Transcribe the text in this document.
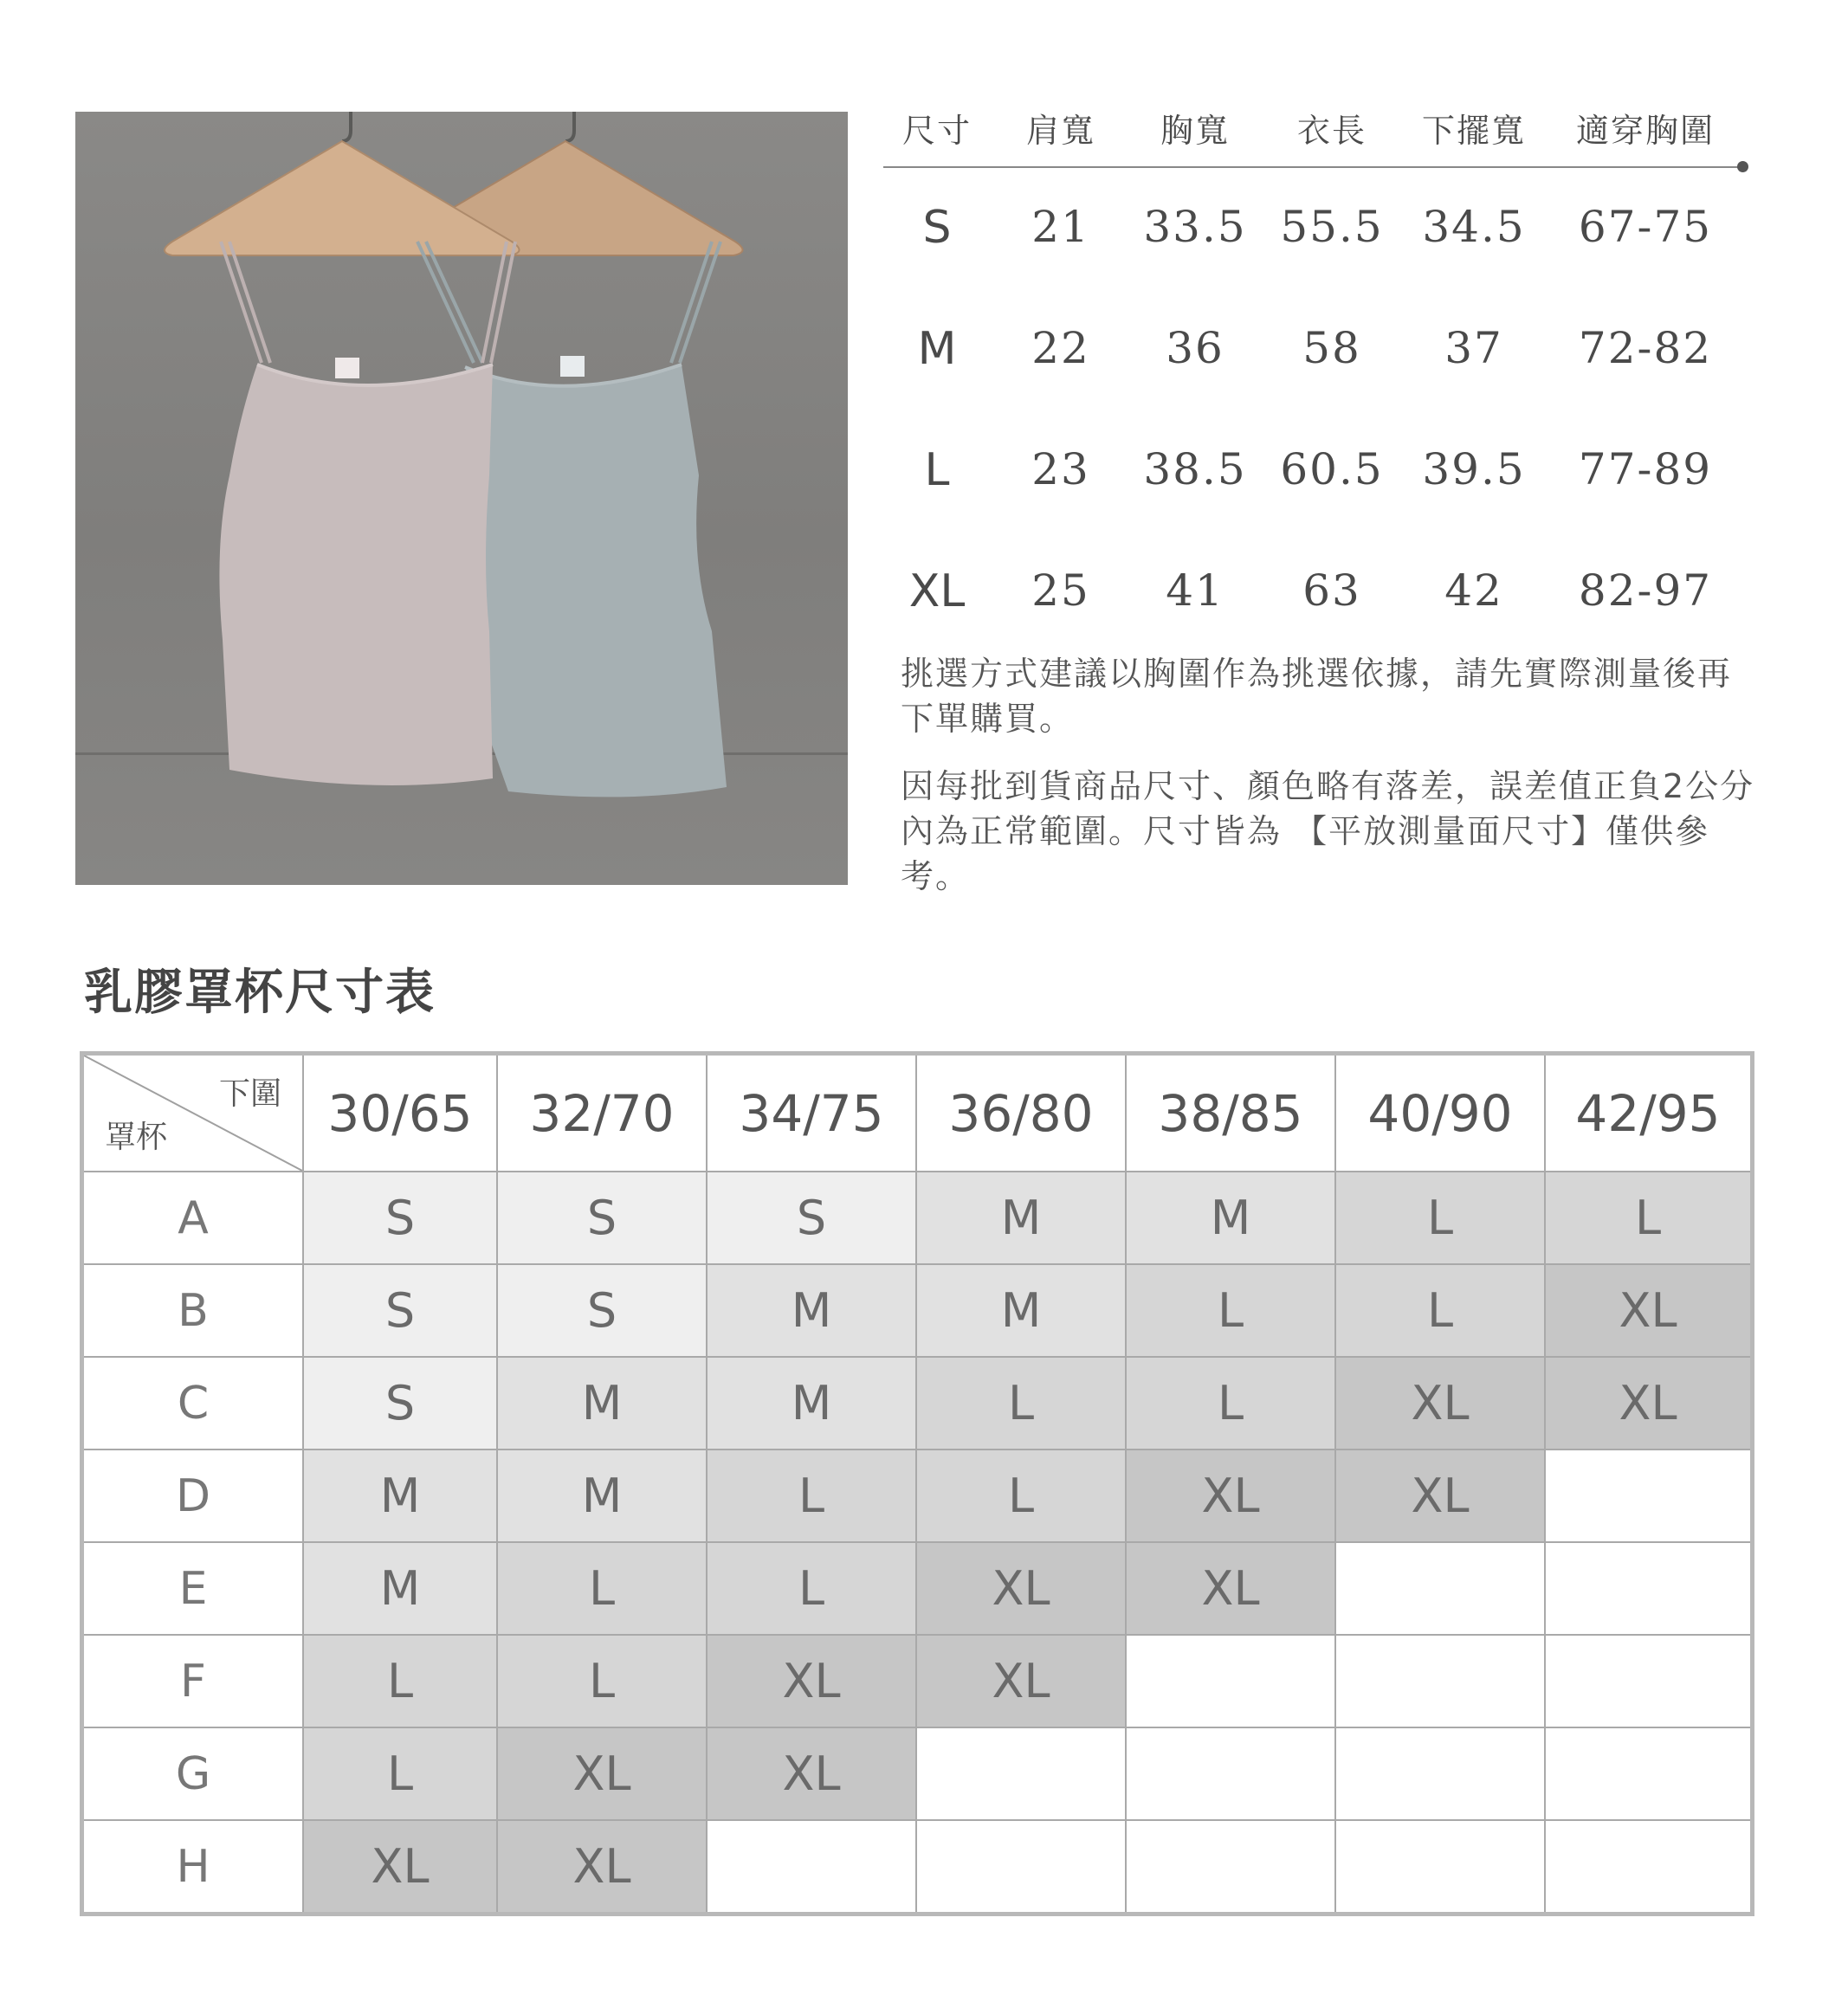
尺寸 肩寬 胸寬 衣長 下擺寬 適穿胸圍
S 21 33.5 55.5 34.5 67-75
M 22 36 58 37 72-82
L 23 38.5 60.5 39.5 77-89
XL 25 41 63 42 82-97
挑選方式建議以胸圍作為挑選依據，請先實際測量後再下單購買。
因每批到貨商品尺寸、顏色略有落差，誤差值正負2公分內為正常範圍。尺寸皆為 【平放測量面尺寸】僅供參考。
乳膠罩杯尺寸表
下圍
罩杯	30/65	32/70	34/75	36/80	38/85	40/90	42/95
A	S	S	S	M	M	L	L
B	S	S	M	M	L	L	XL
C	S	M	M	L	L	XL	XL
D	M	M	L	L	XL	XL	
E	M	L	L	XL	XL		
F	L	L	XL	XL			
G	L	XL	XL				
H	XL	XL					
